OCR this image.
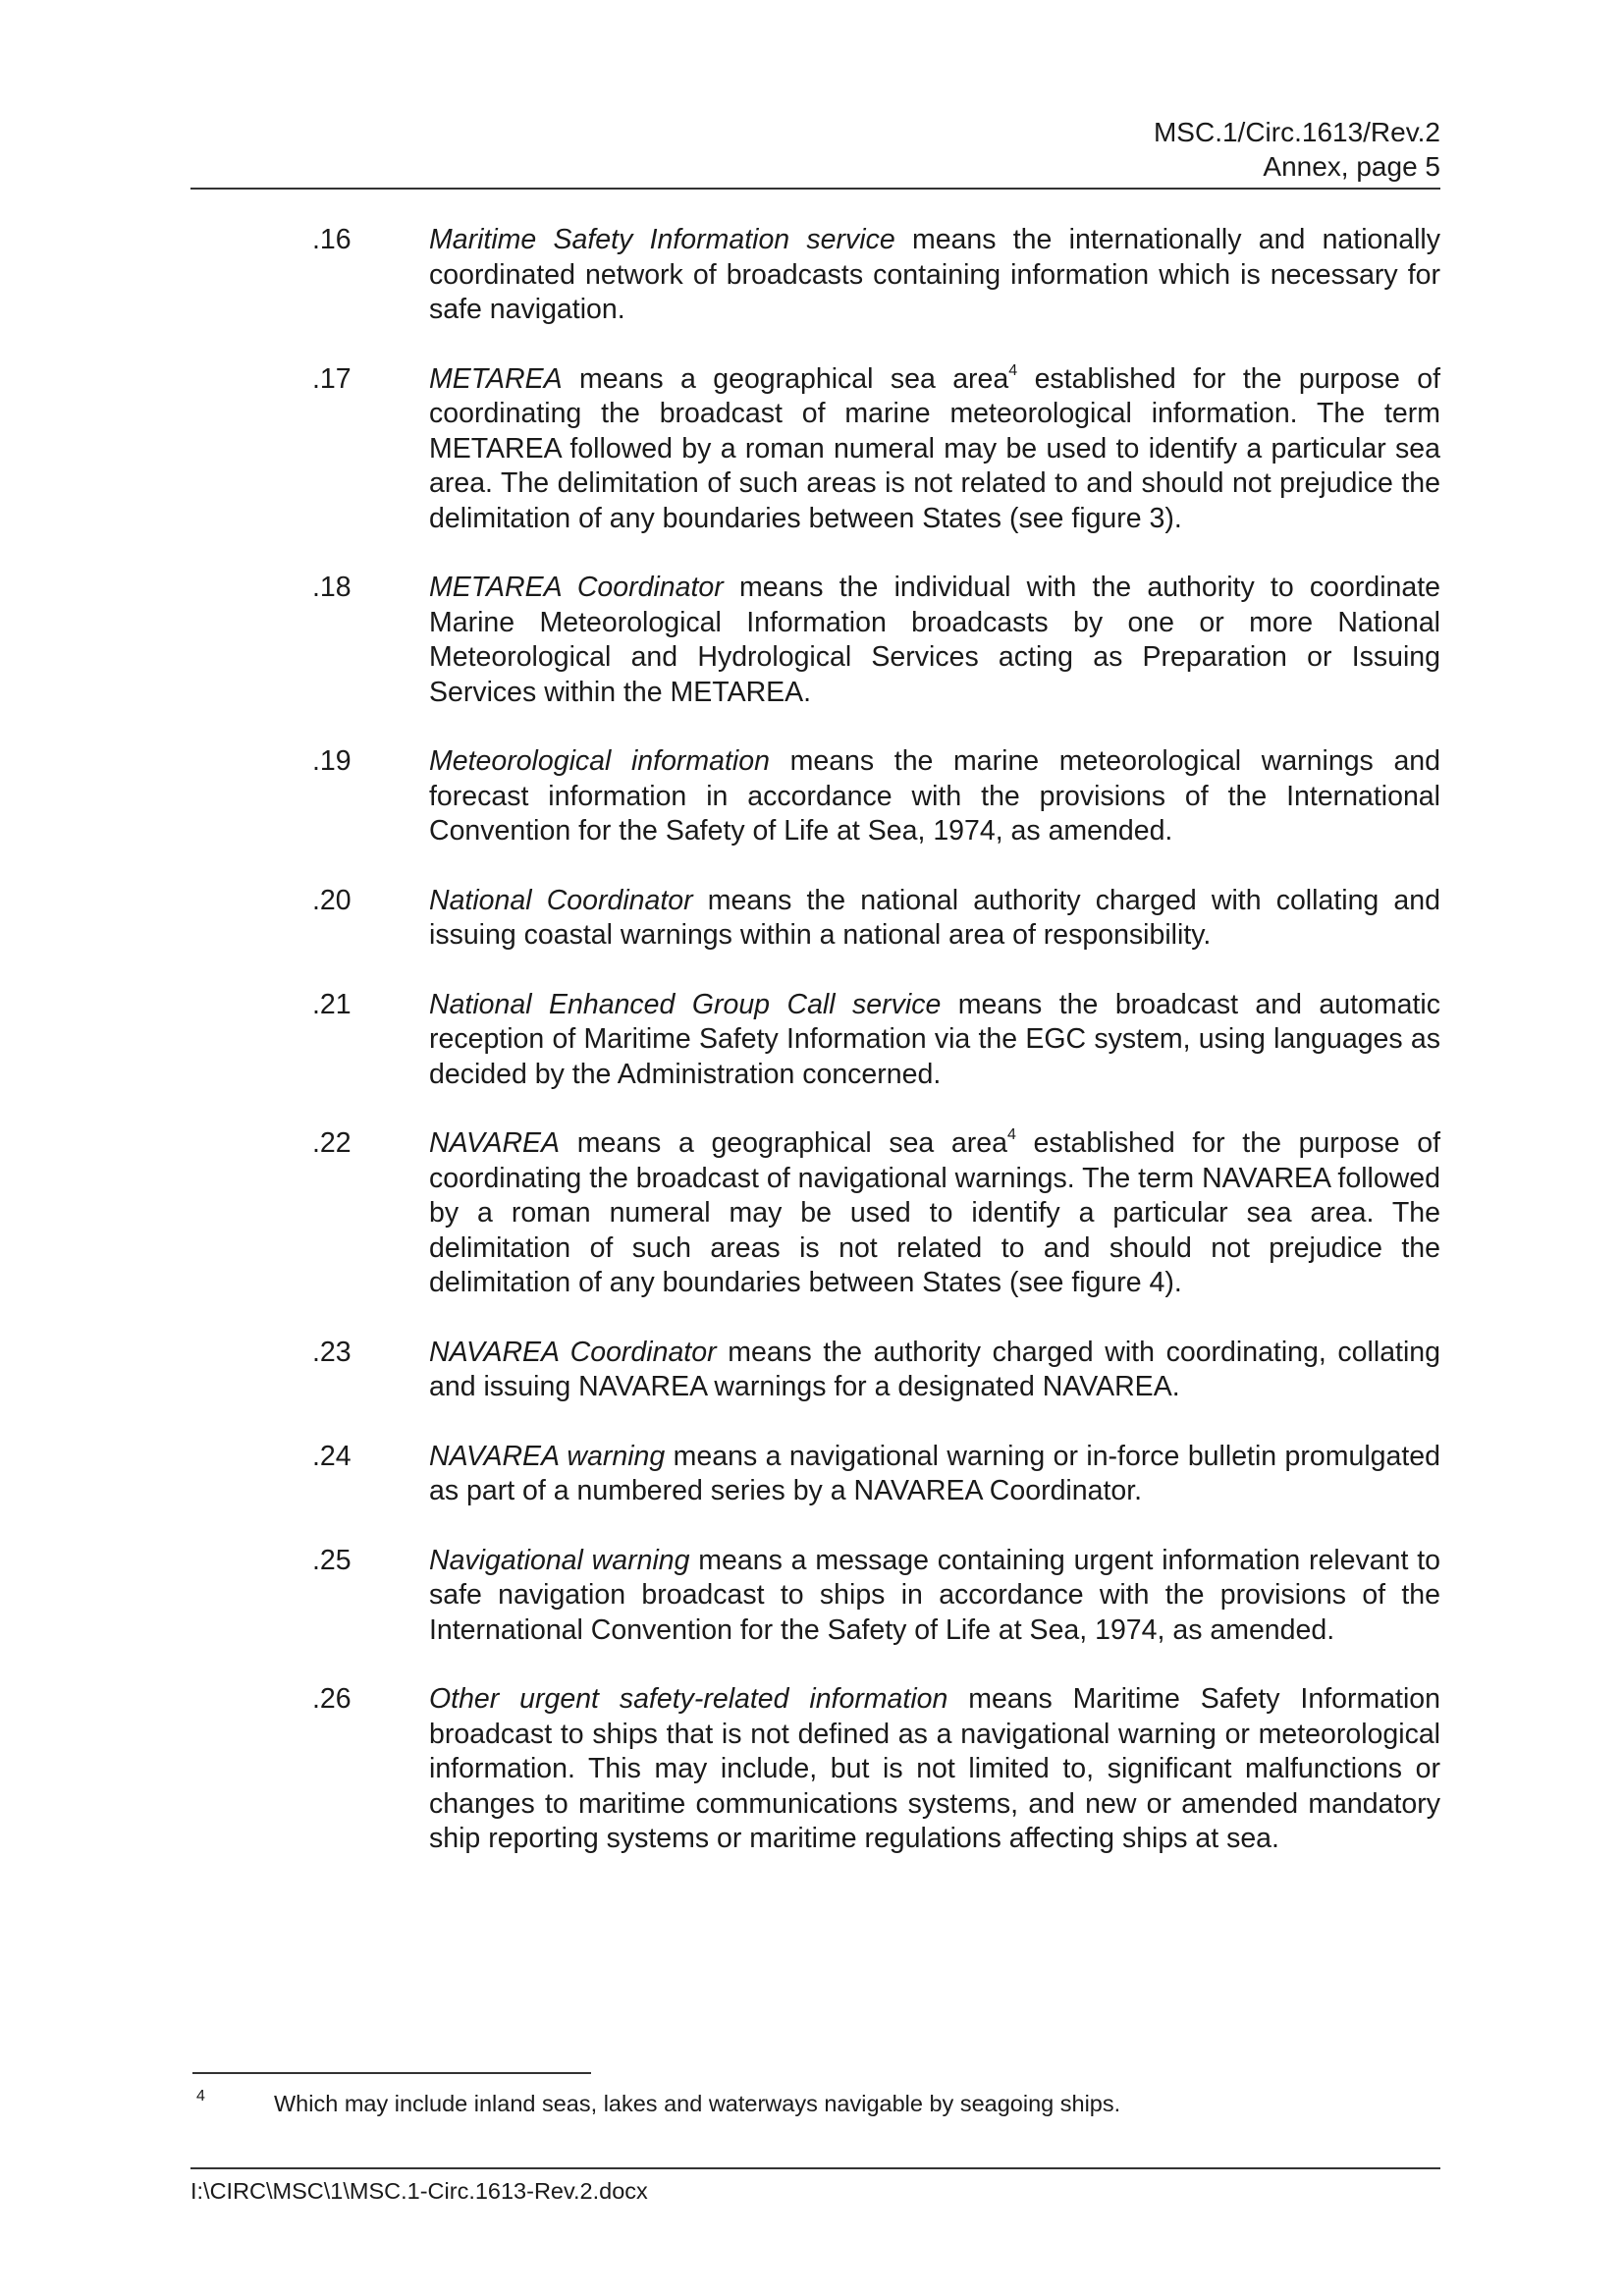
MSC.1/Circ.1613/Rev.2
Annex, page 5
.16	Maritime Safety Information service means the internationally and nationally coordinated network of broadcasts containing information which is necessary for safe navigation.
.17	METAREA means a geographical sea area$^4$ established for the purpose of coordinating the broadcast of marine meteorological information. The term METAREA followed by a roman numeral may be used to identify a particular sea area. The delimitation of such areas is not related to and should not prejudice the delimitation of any boundaries between States (see figure 3).
.18	METAREA Coordinator means the individual with the authority to coordinate Marine Meteorological Information broadcasts by one or more National Meteorological and Hydrological Services acting as Preparation or Issuing Services within the METAREA.
.19	Meteorological information means the marine meteorological warnings and forecast information in accordance with the provisions of the International Convention for the Safety of Life at Sea, 1974, as amended.
.20	National Coordinator means the national authority charged with collating and issuing coastal warnings within a national area of responsibility.
.21	National Enhanced Group Call service means the broadcast and automatic reception of Maritime Safety Information via the EGC system, using languages as decided by the Administration concerned.
.22	NAVAREA means a geographical sea area$^4$ established for the purpose of coordinating the broadcast of navigational warnings. The term NAVAREA followed by a roman numeral may be used to identify a particular sea area. The delimitation of such areas is not related to and should not prejudice the delimitation of any boundaries between States (see figure 4).
.23	NAVAREA Coordinator means the authority charged with coordinating, collating and issuing NAVAREA warnings for a designated NAVAREA.
.24	NAVAREA warning means a navigational warning or in-force bulletin promulgated as part of a numbered series by a NAVAREA Coordinator.
.25	Navigational warning means a message containing urgent information relevant to safe navigation broadcast to ships in accordance with the provisions of the International Convention for the Safety of Life at Sea, 1974, as amended.
.26	Other urgent safety-related information means Maritime Safety Information broadcast to ships that is not defined as a navigational warning or meteorological information. This may include, but is not limited to, significant malfunctions or changes to maritime communications systems, and new or amended mandatory ship reporting systems or maritime regulations affecting ships at sea.
4	Which may include inland seas, lakes and waterways navigable by seagoing ships.
I:\CIRC\MSC\1\MSC.1-Circ.1613-Rev.2.docx
